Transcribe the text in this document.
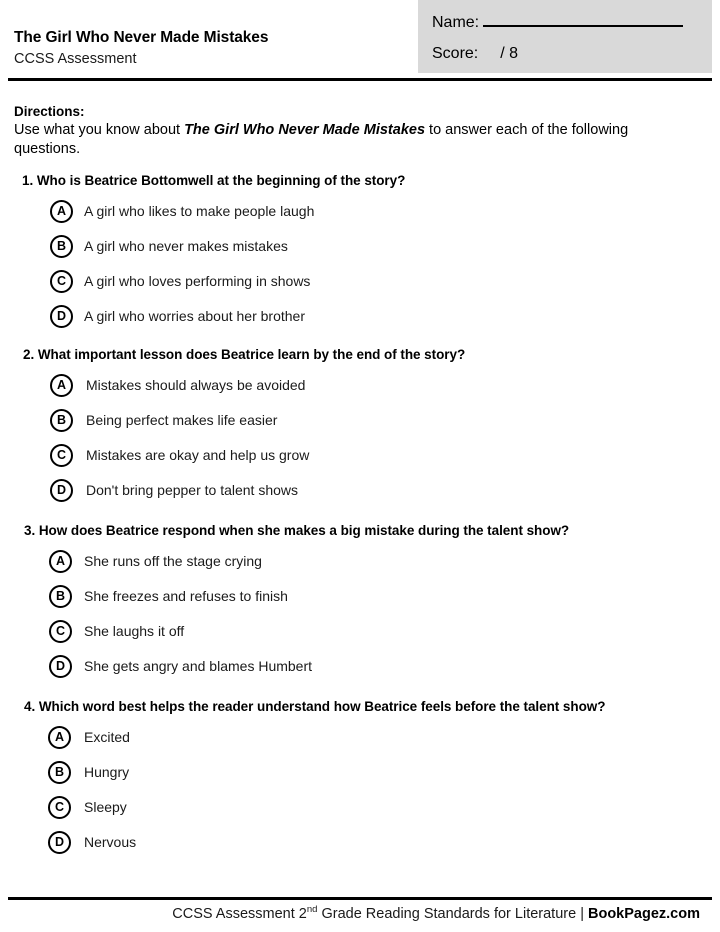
The Girl Who Never Made Mistakes
CCSS Assessment
Name:
Score: / 8
Directions:
Use what you know about The Girl Who Never Made Mistakes to answer each of the following questions.
1. Who is Beatrice Bottomwell at the beginning of the story?
A	A girl who likes to make people laugh
B	A girl who never makes mistakes
C	A girl who loves performing in shows
D	A girl who worries about her brother
2. What important lesson does Beatrice learn by the end of the story?
A	Mistakes should always be avoided
B	Being perfect makes life easier
C	Mistakes are okay and help us grow
D	Don't bring pepper to talent shows
3. How does Beatrice respond when she makes a big mistake during the talent show?
A	She runs off the stage crying
B	She freezes and refuses to finish
C	She laughs it off
D	She gets angry and blames Humbert
4. Which word best helps the reader understand how Beatrice feels before the talent show?
A	Excited
B	Hungry
C	Sleepy
D	Nervous
CCSS Assessment 2nd Grade Reading Standards for Literature | BookPagez.com
